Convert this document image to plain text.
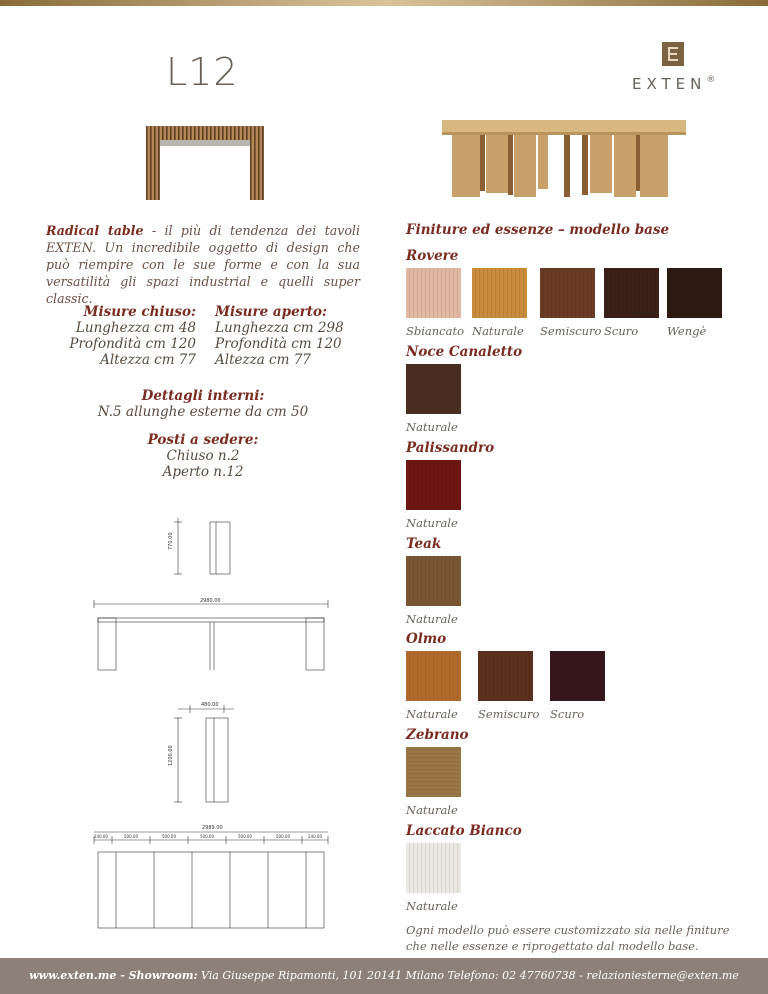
L12	EXTEN®
Radical table - il più di tendenza dei tavoli EXTEN. Un incredibile oggetto di design che può riempire con le sue forme e con la sua versatilità gli spazi industrial e quelli super classic.
Misure chiuso:
Lunghezza cm 48
Profondità cm 120
Altezza cm 77
Misure aperto:
Lunghezza cm 298
Profondità cm 120
Altezza cm 77
Dettagli interni:
N.5 allunghe esterne da cm 50
Posti a sedere:
Chiuso n.2
Aperto n.12
770.00
2980.00
480.00
1200.00
2989.00
240.00	500.00	500.00	500.00	500.00	500.00	240.00
Finiture ed essenze – modello base
Rovere
Sbiancato Naturale Semiscuro Scuro	Wengè
Noce Canaletto
Naturale
Palissandro
Naturale
Teak
Naturale
Olmo
Naturale Semiscuro Scuro
Zebrano
Naturale
Laccato Bianco
Naturale
Ogni modello può essere customizzato sia nelle finiture che nelle essenze e riprogettato dal modello base.
www.exten.me - Showroom: Via Giuseppe Ripamonti, 101 20141 Milano Telefono: 02 47760738 - relazioniesterne@exten.me
